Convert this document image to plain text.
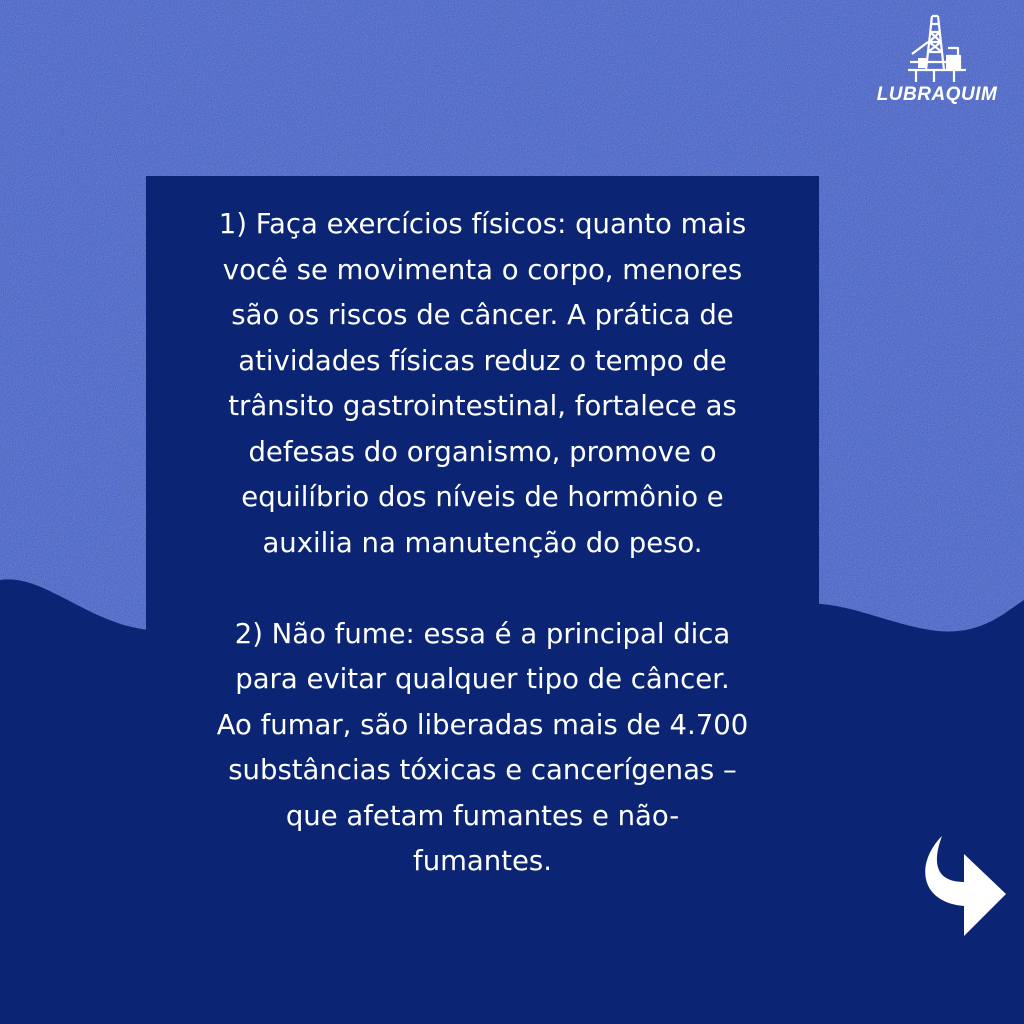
1) Faça exercícios físicos: quanto mais
você se movimenta o corpo, menores
são os riscos de câncer. A prática de
atividades físicas reduz o tempo de
trânsito gastrointestinal, fortalece as
defesas do organismo, promove o
equilíbrio dos níveis de hormônio e
auxilia na manutenção do peso.

2) Não fume: essa é a principal dica
para evitar qualquer tipo de câncer.
Ao fumar, são liberadas mais de 4.700
substâncias tóxicas e cancerígenas –
que afetam fumantes e não-
fumantes.

LUBRAQUIM
